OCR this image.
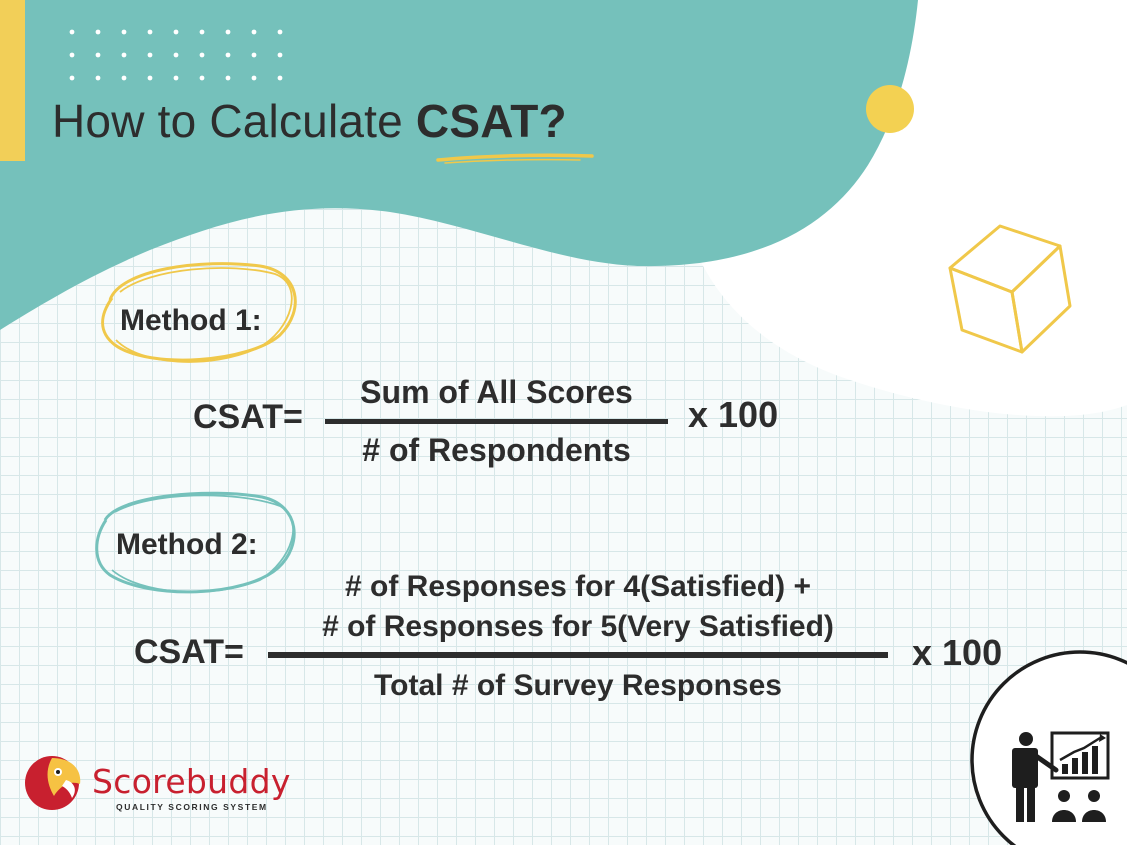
How to Calculate CSAT?
Method 1:
CSAT=
Sum of All Scores
# of Respondents
x 100
Method 2:
CSAT=
# of Responses for 4(Satisfied) +
# of Responses for 5(Very Satisfied)
Total # of Survey Responses
x 100
Scorebuddy
QUALITY SCORING SYSTEM
